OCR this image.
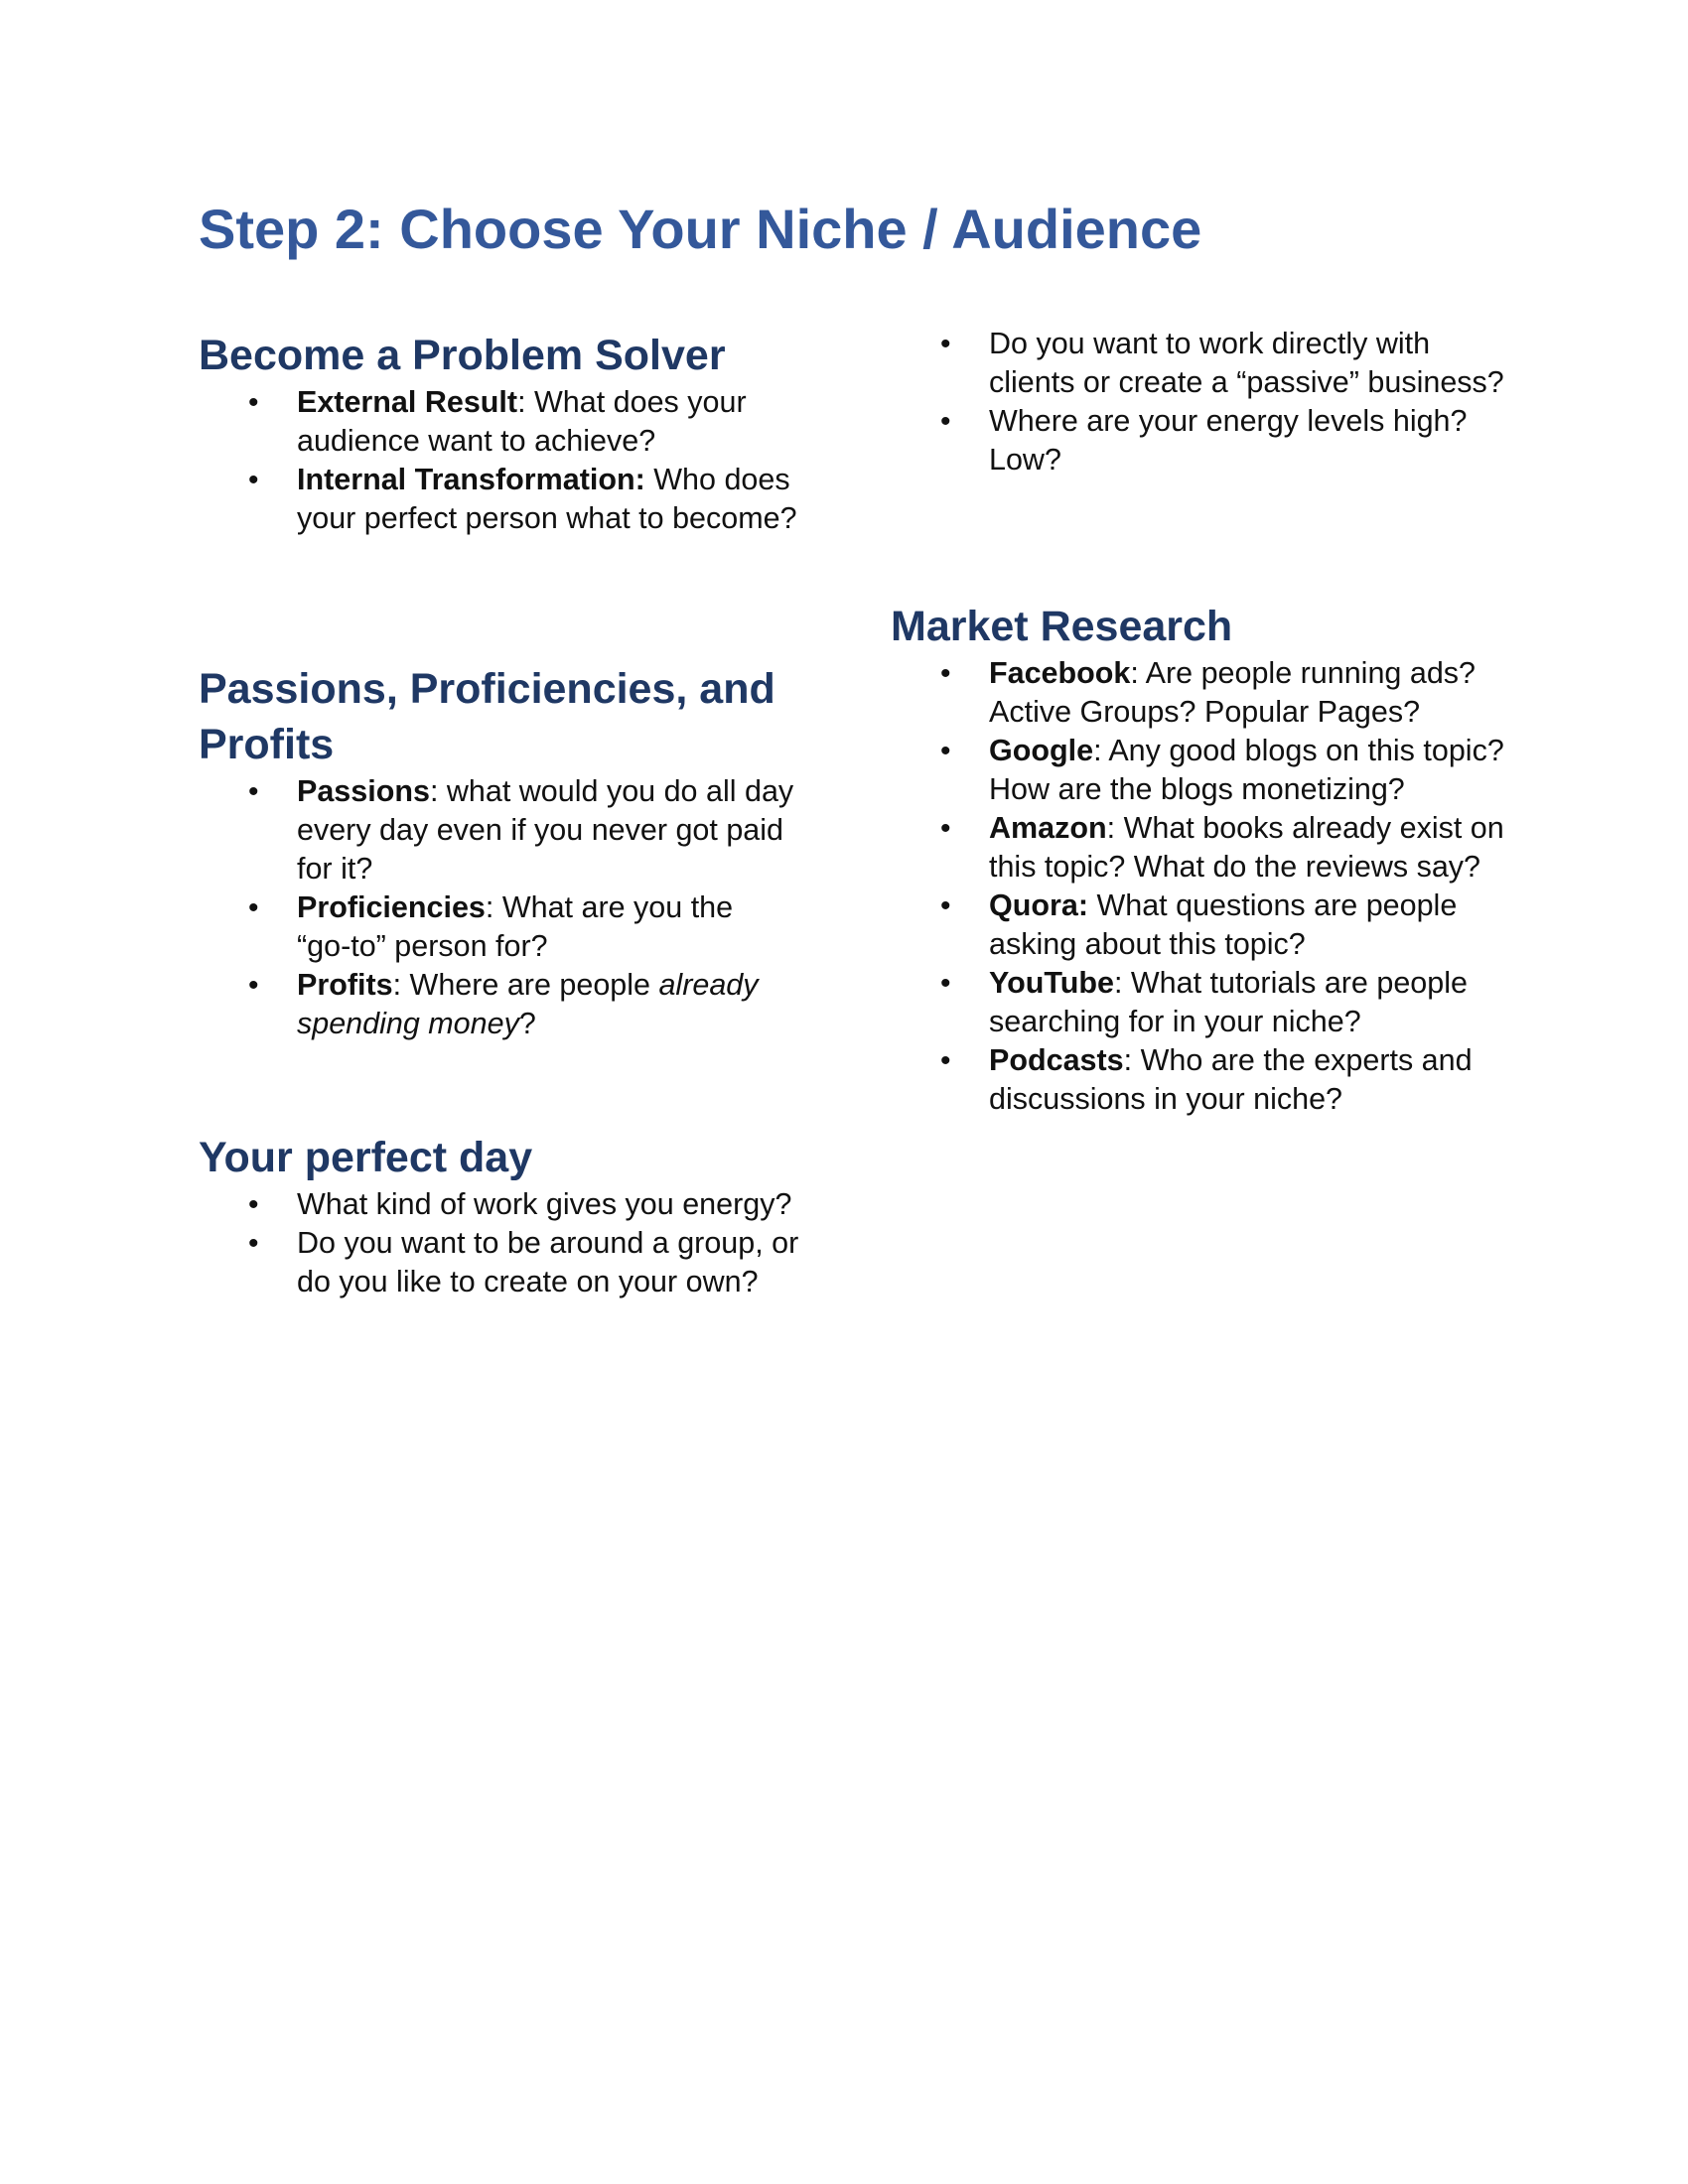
Step 2: Choose Your Niche / Audience
Become a Problem Solver
• External Result: What does your audience want to achieve?
• Internal Transformation: Who does your perfect person what to become?
Passions, Proficiencies, and Profits
• Passions: what would you do all day every day even if you never got paid for it?
• Proficiencies: What are you the “go-to” person for?
• Profits: Where are people already spending money?
Your perfect day
• What kind of work gives you energy?
• Do you want to be around a group, or do you like to create on your own?
• Do you want to work directly with clients or create a “passive” business?
• Where are your energy levels high? Low?
Market Research
• Facebook: Are people running ads? Active Groups? Popular Pages?
• Google: Any good blogs on this topic? How are the blogs monetizing?
• Amazon: What books already exist on this topic? What do the reviews say?
• Quora: What questions are people asking about this topic?
• YouTube: What tutorials are people searching for in your niche?
• Podcasts: Who are the experts and discussions in your niche?
